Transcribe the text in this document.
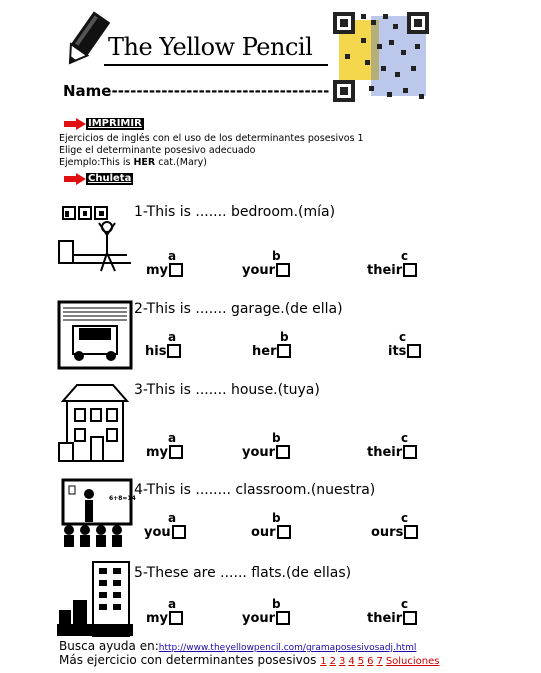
The Yellow Pencil
Name-----------------------------------
IMPRIMIR
Ejercicios de inglés con el uso de los determinantes posesivos 1
Elige el determinante posesivo adecuado
Ejemplo:This is HER cat.(Mary)
Chuleta
6+8=14
1-This is ....... bedroom.(mía)
a	b	c
my	your	their
2-This is ....... garage.(de ella)
a	b	c
his	her	its
3-This is ....... house.(tuya)
a	b	c
my	your	their
4-This is ........ classroom.(nuestra)
a	b	c
you	our	ours
5-These are ...... flats.(de ellas)
a	b	c
my	your	their
Busca ayuda en:http://www.theyellowpencil.com/gramaposesivosadj.html
Más ejercicio con determinantes posesivos 1 2 3 4 5 6 7 Soluciones
